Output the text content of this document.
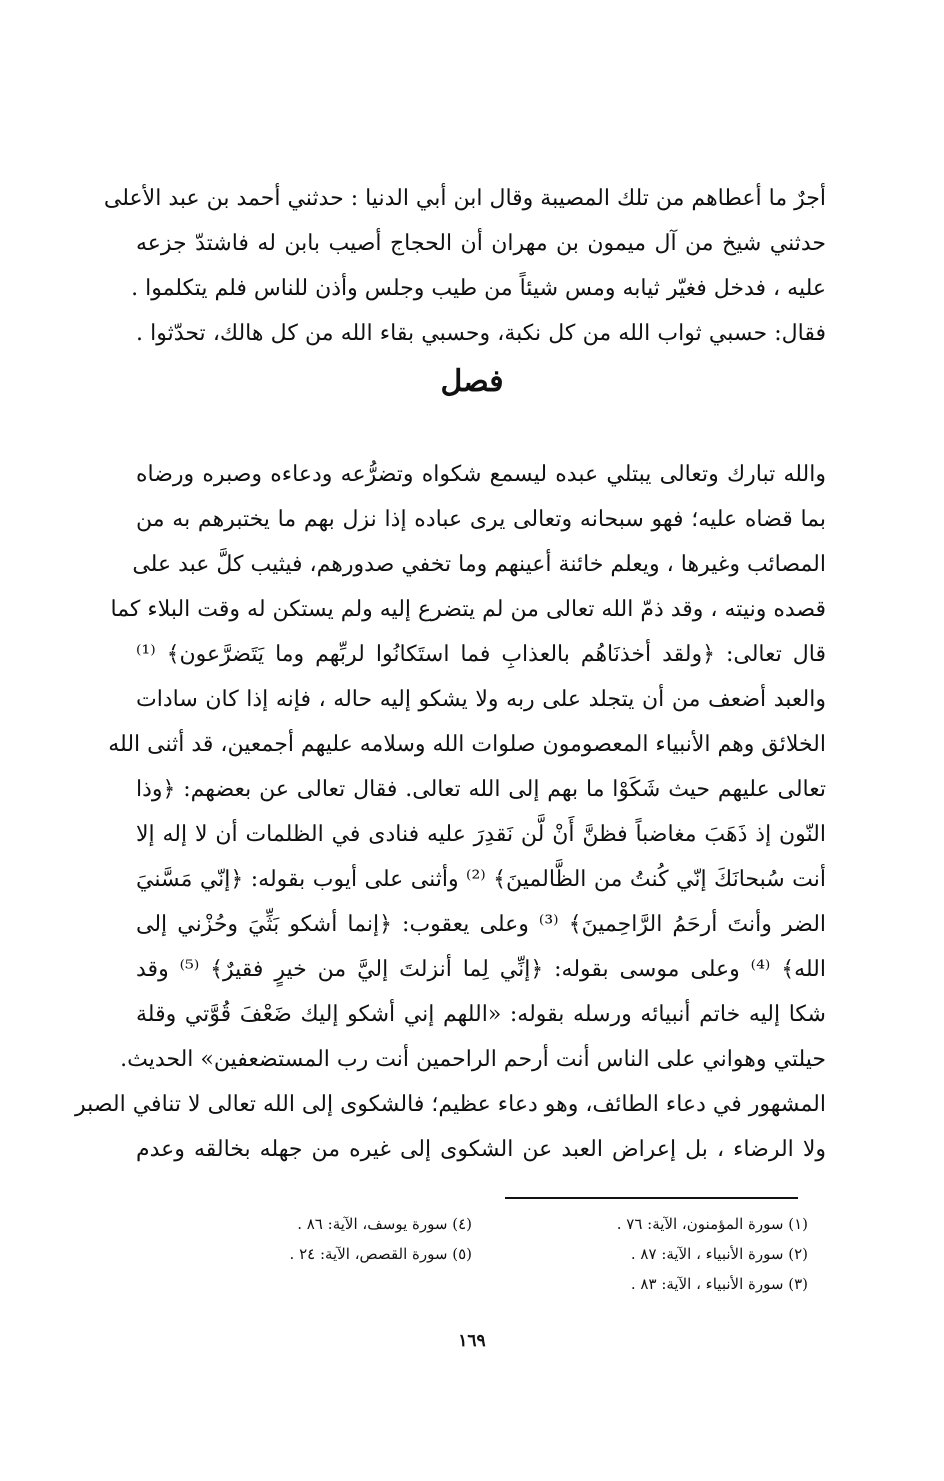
أجرٌ ما أعطاهم من تلك المصيبة وقال ابن أبي الدنيا : حدثني أحمد بن عبد الأعلى
حدثني شيخ من آل ميمون بن مهران أن الحجاج أصيب بابن له فاشتدّ جزعه
عليه ، فدخل فغيّر ثيابه ومس شيئاً من طيب وجلس وأذن للناس فلم يتكلموا .
فقال: حسبي ثواب الله من كل نكبة، وحسبي بقاء الله من كل هالك، تحدّثوا .
فصل
والله تبارك وتعالى يبتلي عبده ليسمع شكواه وتضرُّعه ودعاءه وصبره ورضاه
بما قضاه عليه؛ فهو سبحانه وتعالى يرى عباده إذا نزل بهم ما يختبرهم به من
المصائب وغيرها ، ويعلم خائنة أعينهم وما تخفي صدورهم، فيثيب كلَّ عبد على
قصده ونيته ، وقد ذمّ الله تعالى من لم يتضرع إليه ولم يستكن له وقت البلاء كما
قال تعالى: ﴿ولقد أخذنَاهُم بالعذابِ فما استَكانُوا لربِّهم وما يَتَضرَّعون﴾ ⁽¹⁾
والعبد أضعف من أن يتجلد على ربه ولا يشكو إليه حاله ، فإنه إذا كان سادات
الخلائق وهم الأنبياء المعصومون صلوات الله وسلامه عليهم أجمعين، قد أثنى الله
تعالى عليهم حيث شَكَوْا ما بهم إلى الله تعالى. فقال تعالى عن بعضهم: ﴿وذا
النّون إذ ذَهَبَ مغاضباً فظنَّ أَنْ لَّن نَقدِرَ عليه فنادى في الظلمات أن لا إله إلا
أنت سُبحانَكَ إنّي كُنتُ من الظَّالمينَ﴾ ⁽²⁾ وأثنى على أيوب بقوله: ﴿إنّي مَسَّنيَ
الضر وأنتَ أرحَمُ الرَّاحِمينَ﴾ ⁽³⁾ وعلى يعقوب: ﴿إنما أشكو بَثِّيَ وحُزْني إلى
الله﴾ ⁽⁴⁾ وعلى موسى بقوله: ﴿إنِّي لِما أنزلتَ إليَّ من خيرٍ فقيرٌ﴾ ⁽⁵⁾ وقد
شكا إليه خاتم أنبيائه ورسله بقوله: «اللهم إني أشكو إليك ضَعْفَ قُوَّتي وقلة
حيلتي وهواني على الناس أنت أرحم الراحمين أنت رب المستضعفين» الحديث.
المشهور في دعاء الطائف، وهو دعاء عظيم؛ فالشكوى إلى الله تعالى لا تنافي الصبر
ولا الرضاء ، بل إعراض العبد عن الشكوى إلى غيره من جهله بخالقه وعدم
(١) سورة المؤمنون، الآية: ٧٦ .
(٢) سورة الأنبياء ، الآية: ٨٧ .
(٣) سورة الأنبياء ، الآية: ٨٣ .
(٤) سورة يوسف، الآية: ٨٦ .
(٥) سورة القصص، الآية: ٢٤ .
١٦٩
